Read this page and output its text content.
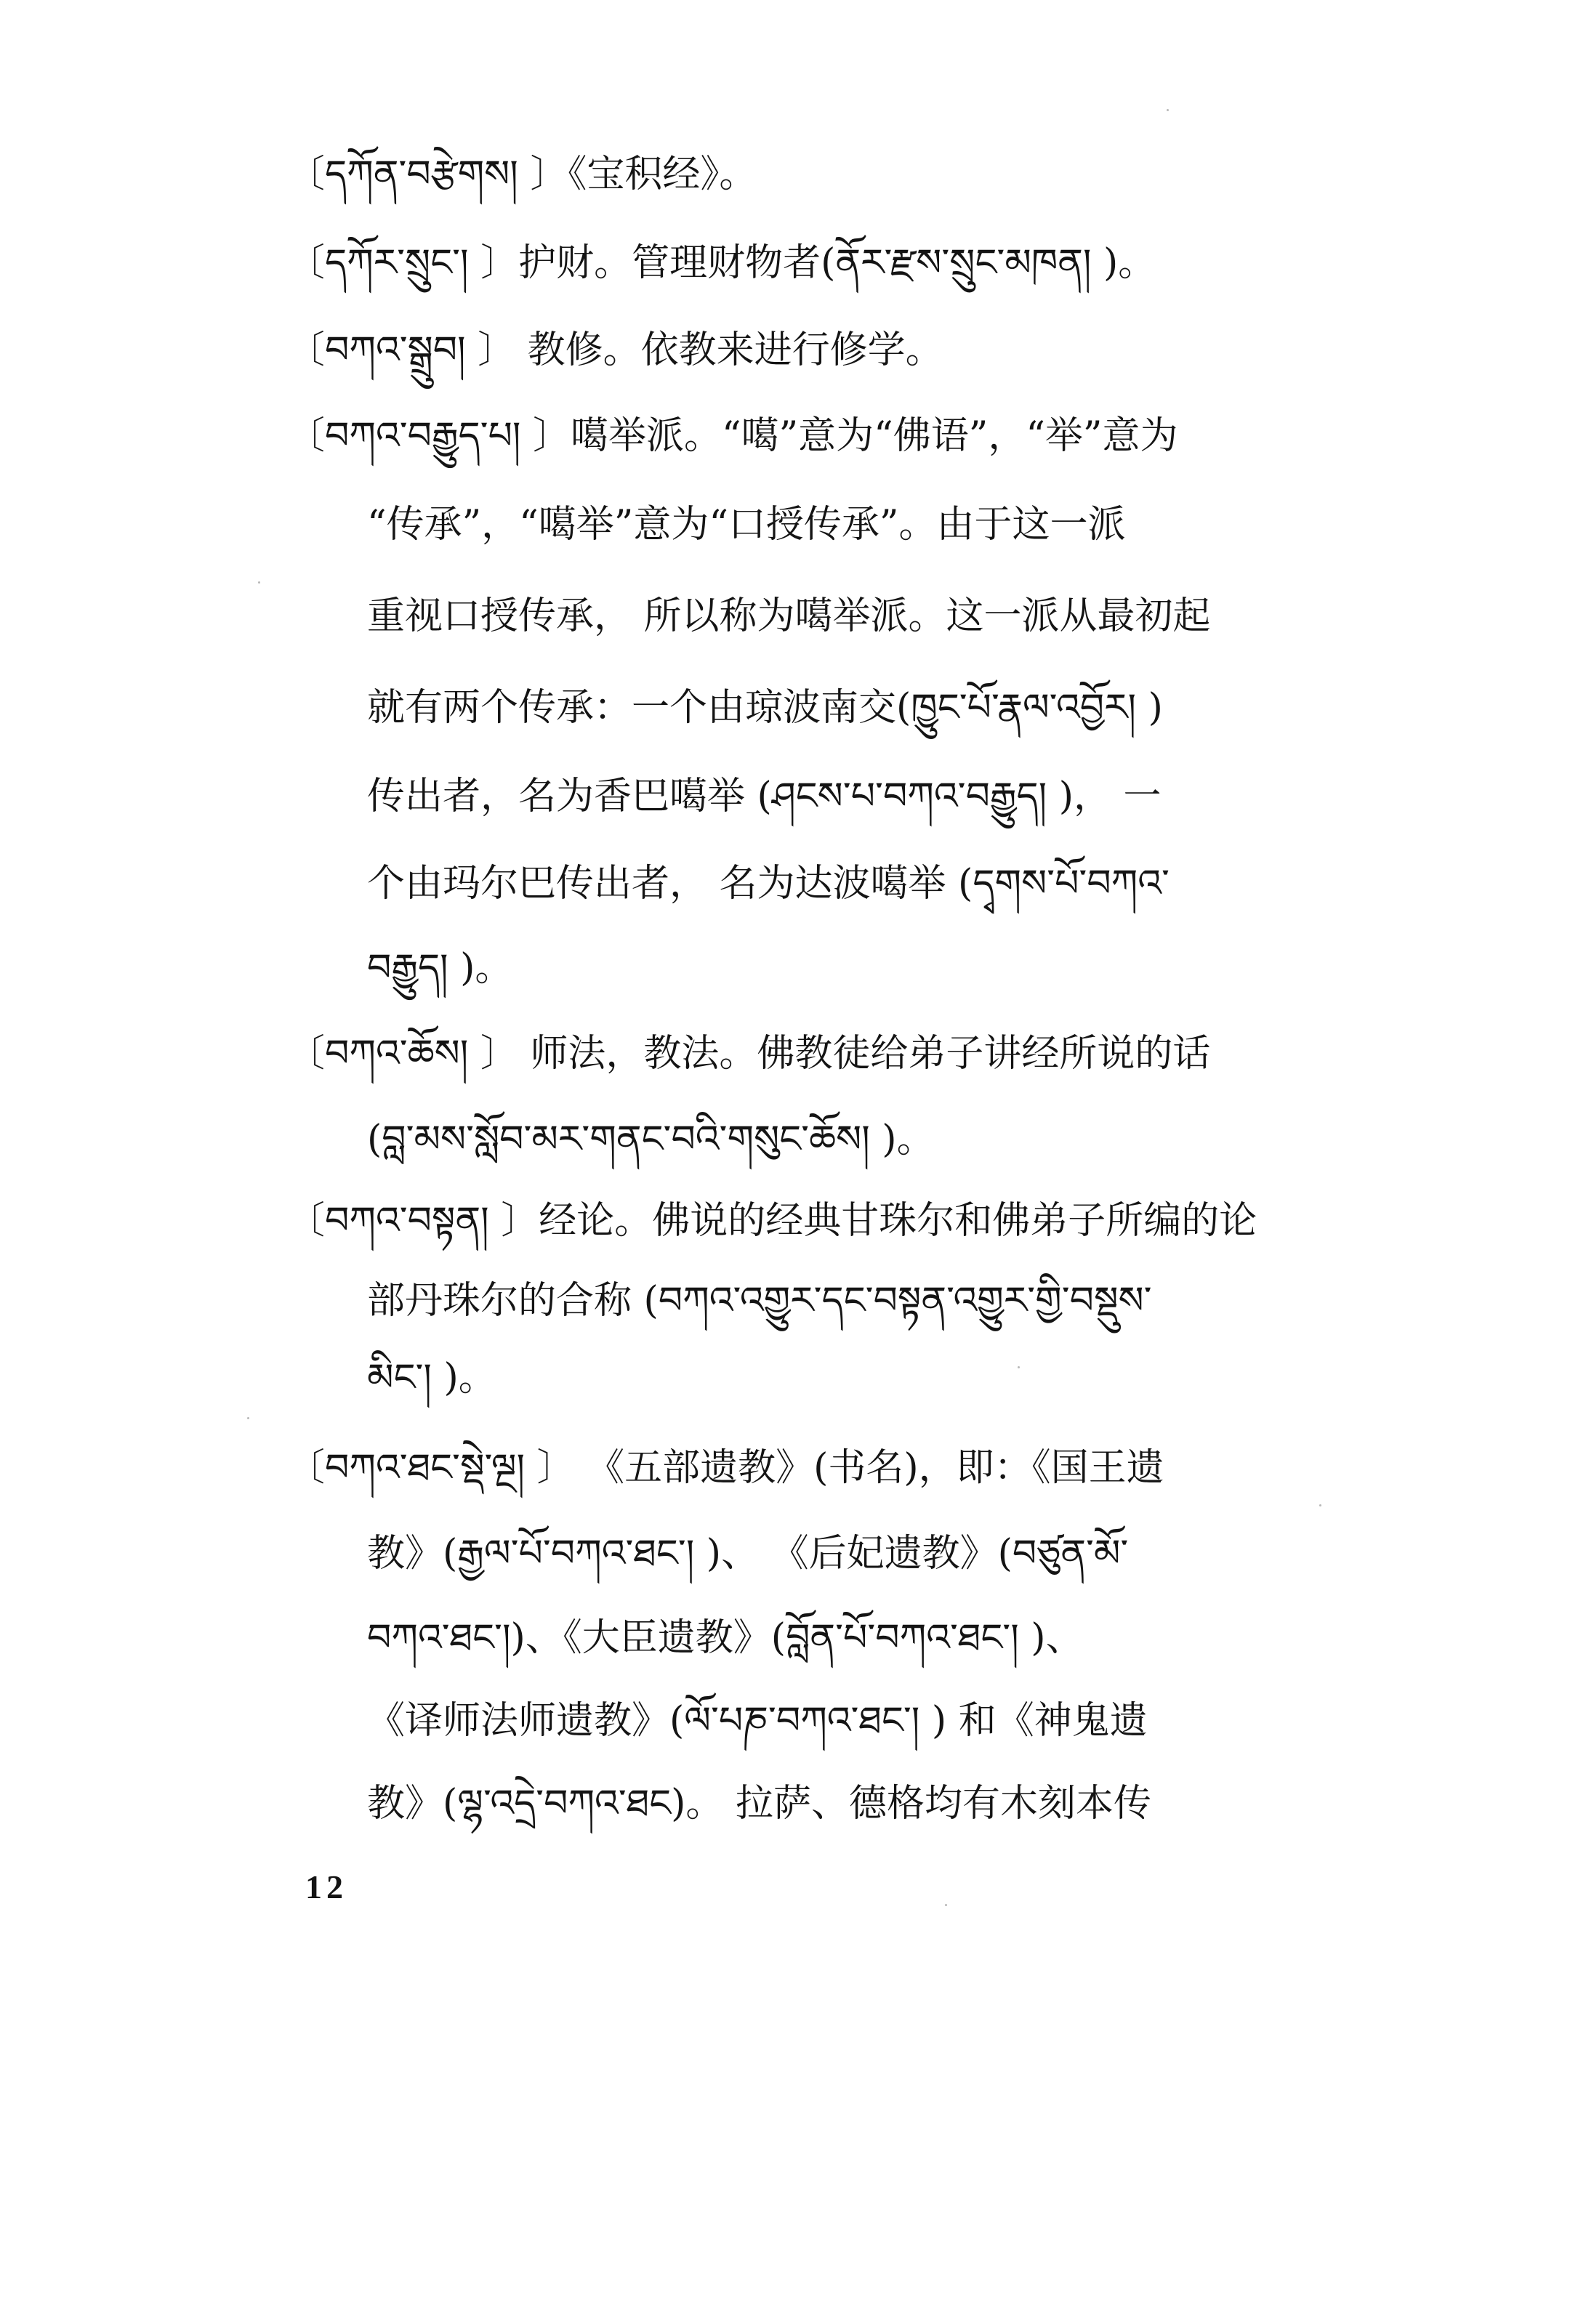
〔དཀོན་བརྩེགས། 〕《宝积经》。
〔དཀོར་སྲུང་། 〕护财。管理财物者(ནོར་རྫས་སྲུང་མཁན། )。
〔བཀའ་སྒྲུབ། 〕 教修。依教来进行修学。
〔བཀའ་བརྒྱུད་པ། 〕噶举派。“噶”意为“佛语”，“举”意为
“传承”，“噶举”意为“口授传承”。由于这一派
重视口授传承， 所以称为噶举派。这一派从最初起
就有两个传承：一个由琼波南交(ཁྱུང་པོ་རྣལ་འབྱོར། )
传出者，名为香巴噶举 (ཤངས་པ་བཀའ་བརྒྱུད། )， 一
个由玛尔巴传出者， 名为达波噶举 (དྭགས་པོ་བཀའ་
བརྒྱུད། )。
〔བཀའ་ཆོས། 〕 师法，教法。佛教徒给弟子讲经所说的话
(བླ་མས་སློབ་མར་གནང་བའི་གསུང་ཆོས། )。
〔བཀའ་བསྟན། 〕经论。佛说的经典甘珠尔和佛弟子所编的论
部丹珠尔的合称 (བཀའ་འགྱུར་དང་བསྟན་འགྱུར་གྱི་བསྡུས་
མིང་། )。
〔བཀའ་ཐང་སྡེ་ལྔ། 〕 《五部遗教》(书名)，即：《国王遗
教》(རྒྱལ་པོ་བཀའ་ཐང་། )、 《后妃遗教》(བཙུན་མོ་
བཀའ་ཐང་།)、《大臣遗教》(བློན་པོ་བཀའ་ཐང་། )、
《译师法师遗教》(ལོ་པཎ་བཀའ་ཐང་། ) 和《神鬼遗
教》(ལྷ་འདྲེ་བཀའ་ཐང)。 拉萨、德格均有木刻本传
12
